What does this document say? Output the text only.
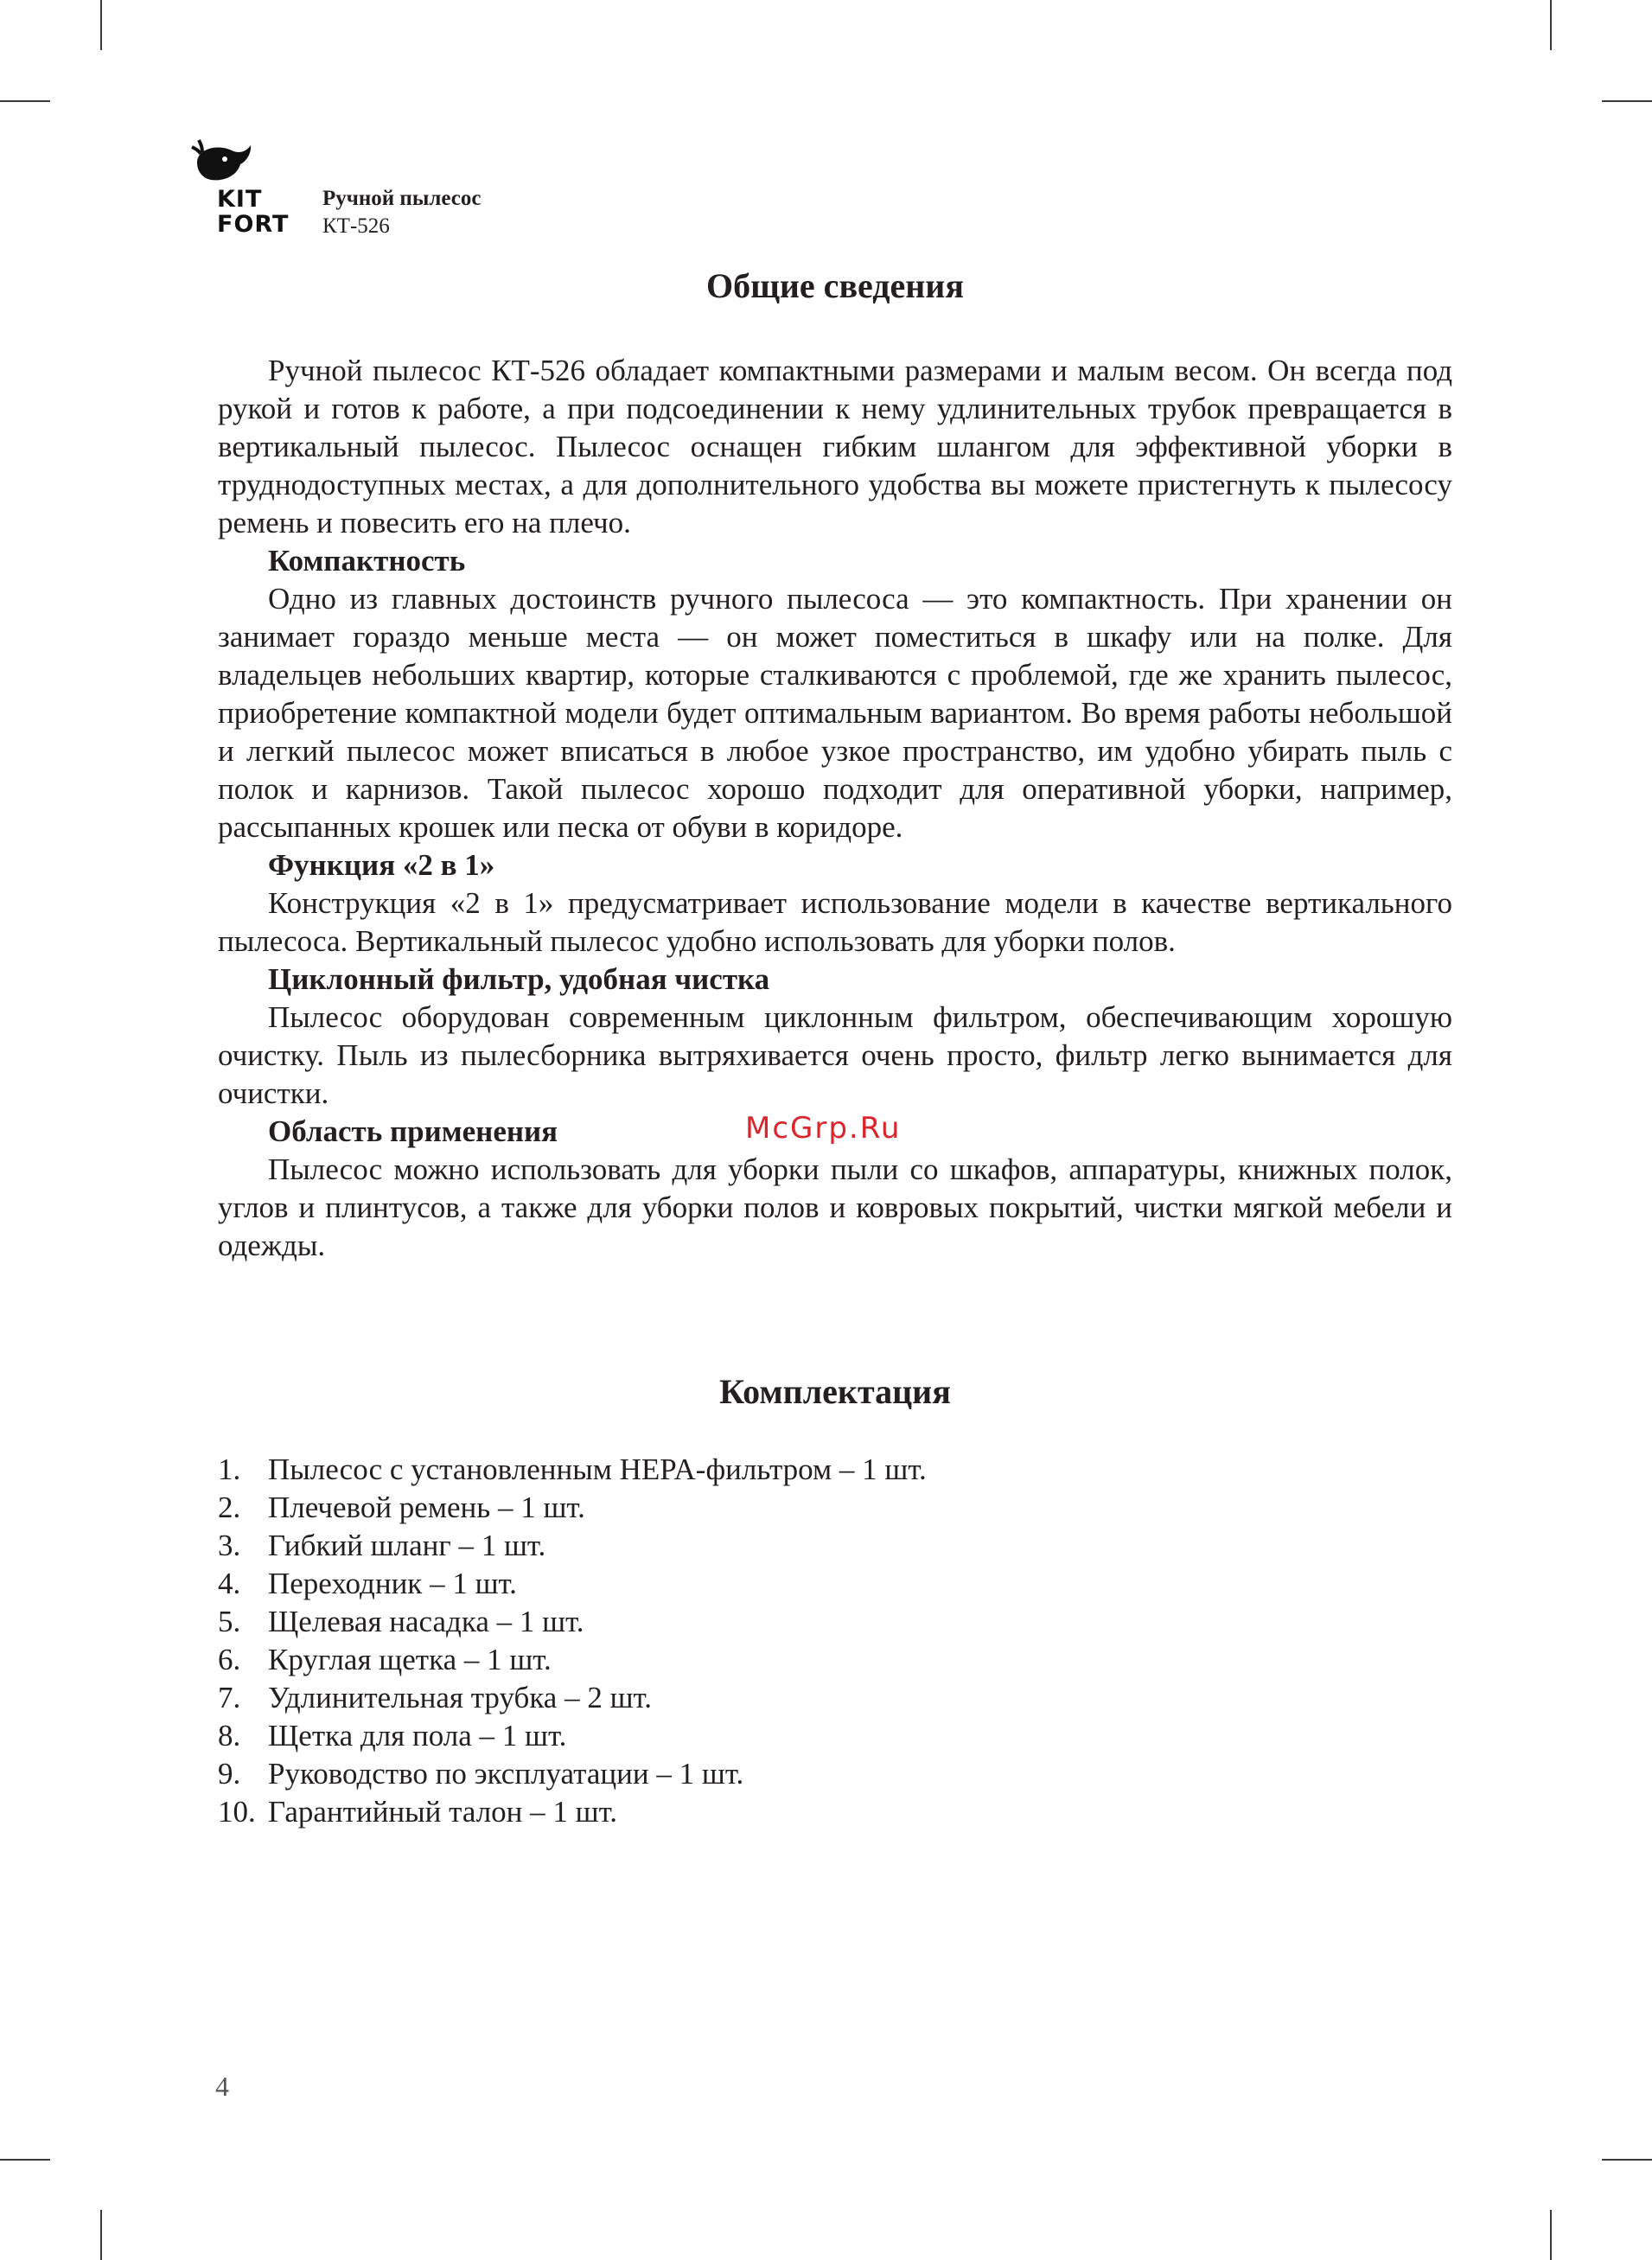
KIT
FORT
Ручной пылесос
КТ-526
Общие сведения

Ручной пылесос КТ-526 обладает компактными размерами и малым весом. Он всегда под рукой и готов к работе, а при подсоединении к нему удлинительных трубок превращается в вертикальный пылесос. Пылесос оснащен гибким шлангом для эффективной уборки в труднодоступных местах, а для дополнительного удобства вы можете пристегнуть к пылесосу ремень и повесить его на плечо.

Компактность

Одно из главных достоинств ручного пылесоса — это компактность. При хранении он занимает гораздо меньше места — он может поместиться в шкафу или на полке. Для владельцев небольших квартир, которые сталкиваются с проблемой, где же хранить пылесос, приобретение компактной модели будет оптимальным вариантом. Во время работы небольшой и легкий пылесос может вписаться в любое узкое пространство, им удобно убирать пыль с полок и карнизов. Такой пылесос хорошо подходит для оперативной уборки, например, рассыпанных крошек или песка от обуви в коридоре.

Функция «2 в 1»

Конструкция «2 в 1» предусматривает использование модели в качестве вертикального пылесоса. Вертикальный пылесос удобно использовать для уборки полов.

Циклонный фильтр, удобная чистка

Пылесос оборудован современным циклонным фильтром, обеспечивающим хорошую очистку. Пыль из пылесборника вытряхивается очень просто, фильтр легко вынимается для очистки.

Область применения

Пылесос можно использовать для уборки пыли со шкафов, аппаратуры, книжных полок, углов и плинтусов, а также для уборки полов и ковровых покрытий, чистки мягкой мебели и одежды.

McGrp.Ru
Комплектация
1. Пылесос с установленным HEPA-фильтром – 1 шт.
2. Плечевой ремень – 1 шт.
3. Гибкий шланг – 1 шт.
4. Переходник – 1 шт.
5. Щелевая насадка – 1 шт.
6. Круглая щетка – 1 шт.
7. Удлинительная трубка – 2 шт.
8. Щетка для пола – 1 шт.
9. Руководство по эксплуатации – 1 шт.
10. Гарантийный талон – 1 шт.
4
